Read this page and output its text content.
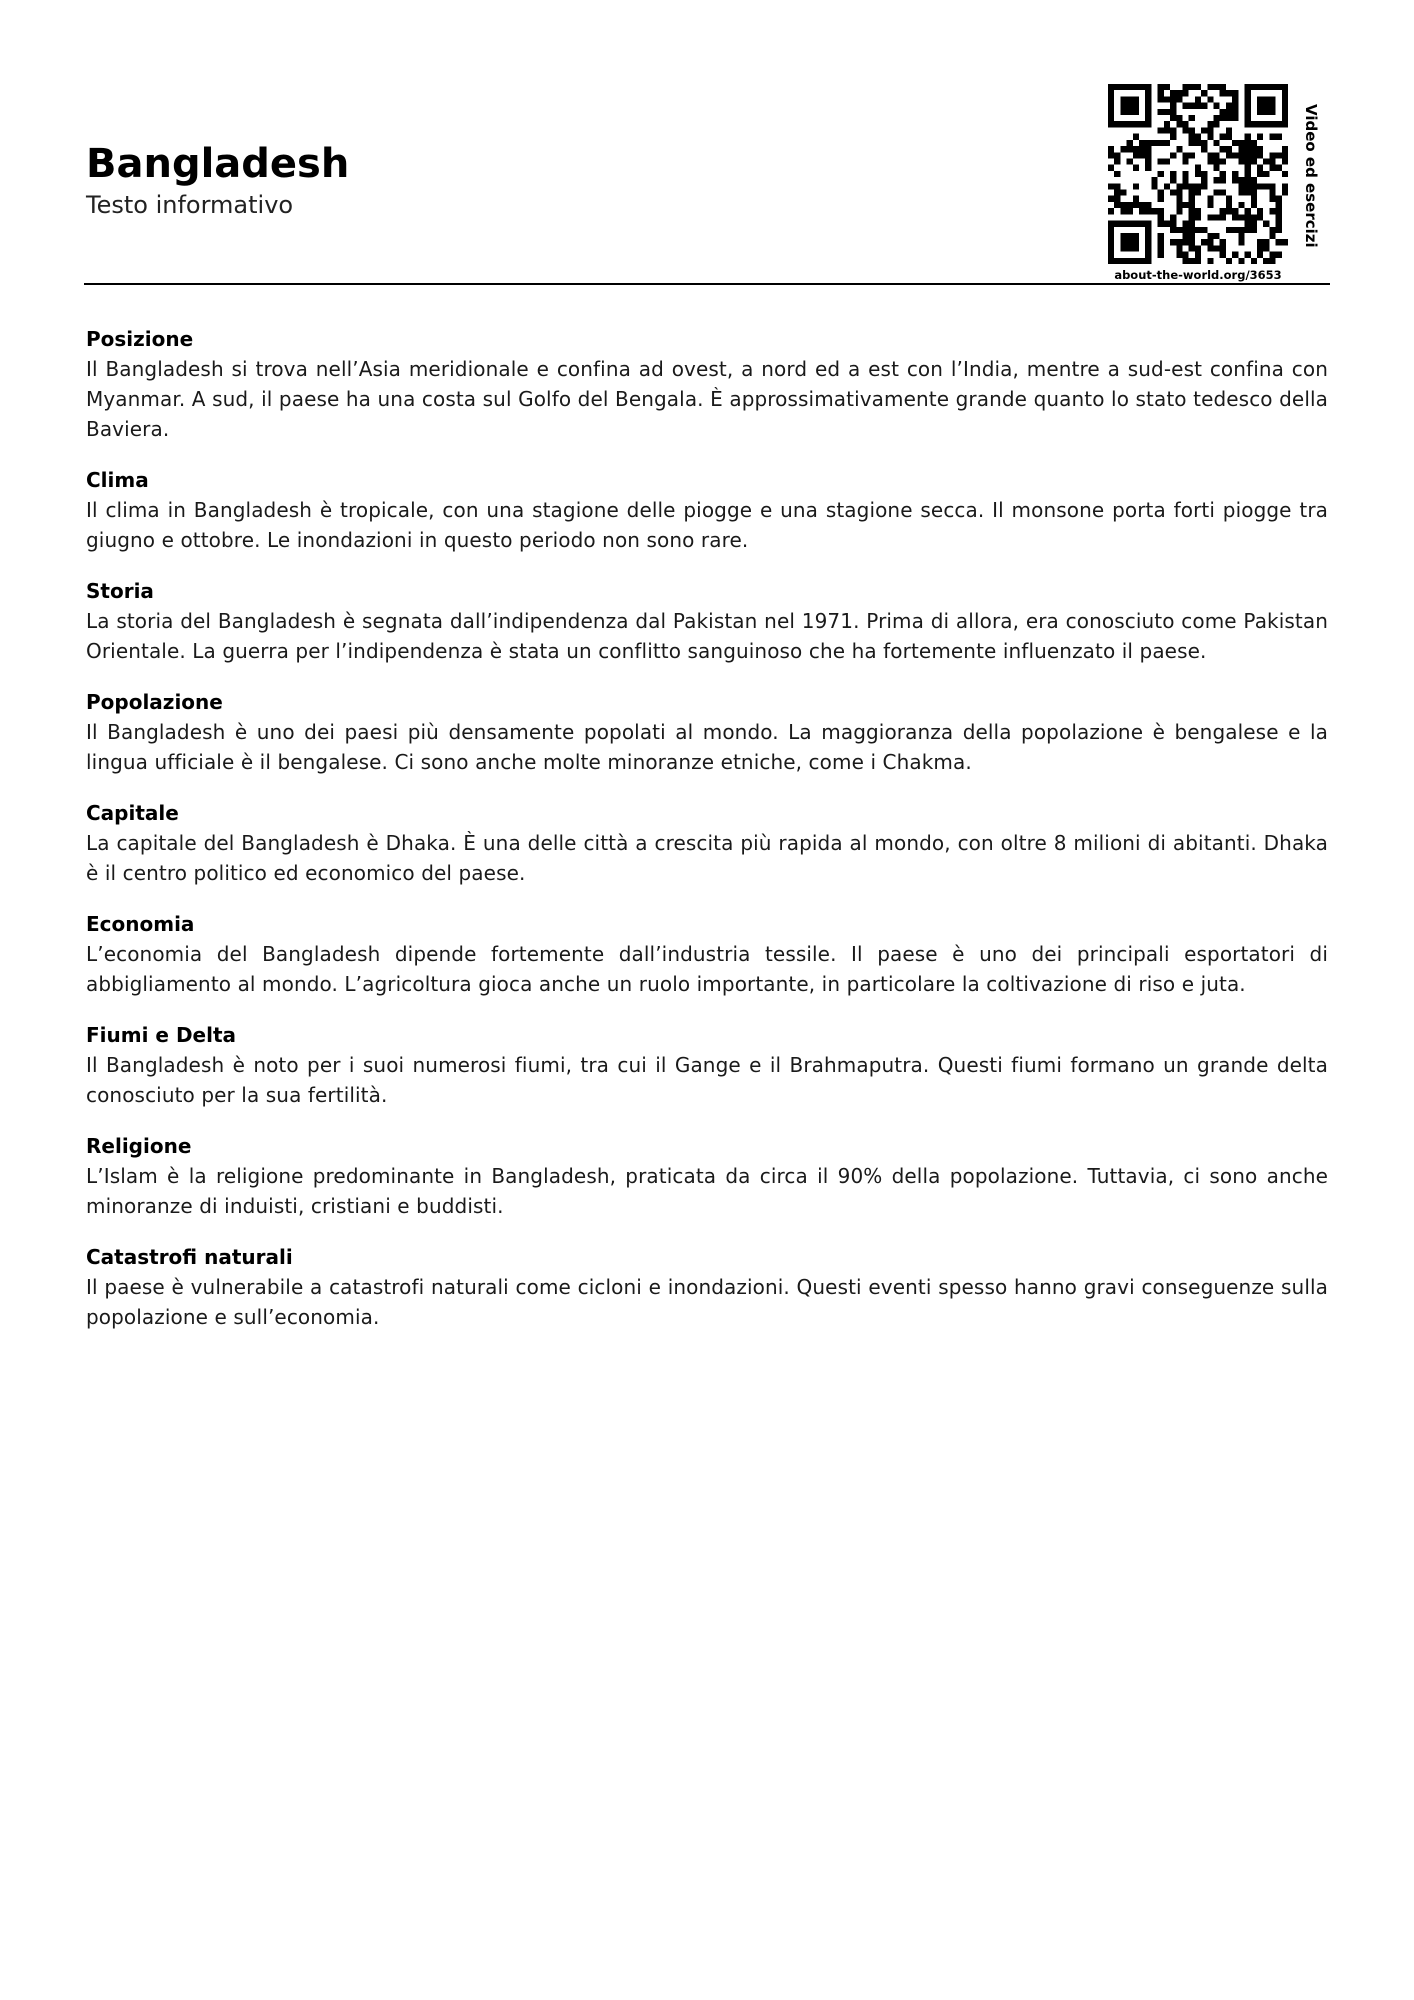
Bangladesh
Testo informativo
about-the-world.org/3653
Video ed esercizi
Posizione
Il Bangladesh si trova nell’Asia meridionale e confina ad ovest, a nord ed a est con l’India, mentre a sud-est confina con Myanmar. A sud, il paese ha una costa sul Golfo del Bengala. È approssimativamente grande quanto lo stato tedesco della Baviera.
Clima
Il clima in Bangladesh è tropicale, con una stagione delle piogge e una stagione secca. Il monsone porta forti piogge tra giugno e ottobre. Le inondazioni in questo periodo non sono rare.
Storia
La storia del Bangladesh è segnata dall’indipendenza dal Pakistan nel 1971. Prima di allora, era conosciuto come Pakistan Orientale. La guerra per l’indipendenza è stata un conflitto sanguinoso che ha fortemente influenzato il paese.
Popolazione
Il Bangladesh è uno dei paesi più densamente popolati al mondo. La maggioranza della popolazione è bengalese e la lingua ufficiale è il bengalese. Ci sono anche molte minoranze etniche, come i Chakma.
Capitale
La capitale del Bangladesh è Dhaka. È una delle città a crescita più rapida al mondo, con oltre 8 milioni di abitanti. Dhaka è il centro politico ed economico del paese.
Economia
L’economia del Bangladesh dipende fortemente dall’industria tessile. Il paese è uno dei principali esportatori di abbigliamento al mondo. L’agricoltura gioca anche un ruolo importante, in particolare la coltivazione di riso e juta.
Fiumi e Delta
Il Bangladesh è noto per i suoi numerosi fiumi, tra cui il Gange e il Brahmaputra. Questi fiumi formano un grande delta conosciuto per la sua fertilità.
Religione
L’Islam è la religione predominante in Bangladesh, praticata da circa il 90% della popolazione. Tuttavia, ci sono anche minoranze di induisti, cristiani e buddisti.
Catastrofi naturali
Il paese è vulnerabile a catastrofi naturali come cicloni e inondazioni. Questi eventi spesso hanno gravi conseguenze sulla popolazione e sull’economia.
